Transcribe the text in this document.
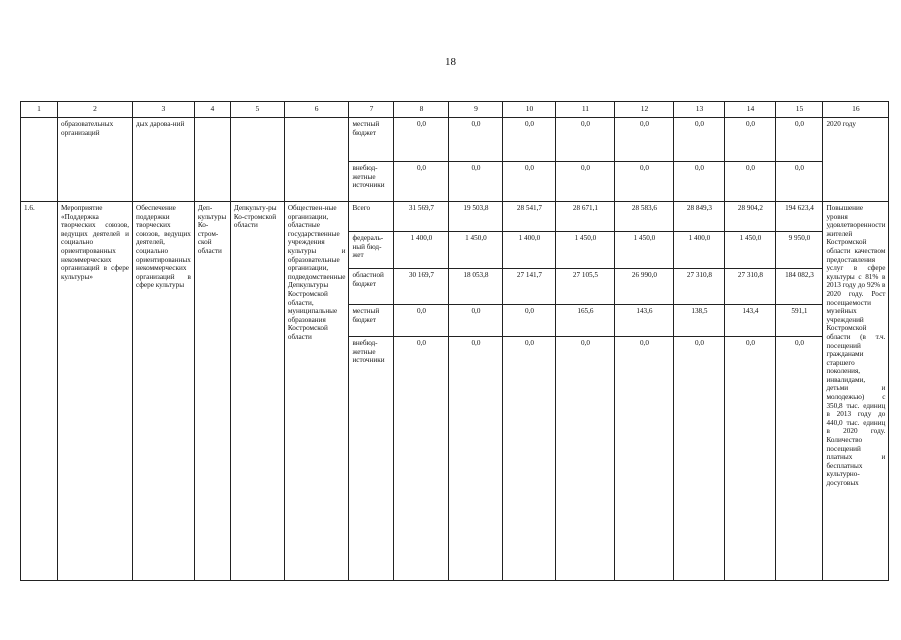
18
1	2	3	4	5	6	7	8	9	10	11	12	13	14	15	16
	образовательных организаций	дых дарова-ний				местный бюджет	0,0	0,0	0,0	0,0	0,0	0,0	0,0	0,0	2020 году
						внебюд-жетные источники	0,0	0,0	0,0	0,0	0,0	0,0	0,0	0,0	
1.6.	Мероприятие «Поддержка творческих союзов, ведущих деятелей и социально ориентированных некоммерческих организаций в сфере культуры»	Обеспечение поддержки творческих союзов, ведущих деятелей, социально ориентированных некоммерческих организаций в сфере культуры	Деп-культуры Ко-стром-ской области	Депкульту-ры Ко-стромской области	Обществен-ные организации, областные государственные учреждения культуры и образовательные организации, подведомственные Депкультуры Костромской области, муниципальные образования Костромской области	Всего	31 569,7	19 503,8	28 541,7	28 671,1	28 583,6	28 849,3	28 904,2	194 623,4	Повышение уровня удовлетворенности жителей Костромской области качеством предоставления услуг в сфере культуры с 81% в 2013 году до 92% в 2020 году. Рост посещаемости музейных учреждений Костромской области (в т.ч. посещений гражданами старшего поколения, инвалидами, детьми и молодежью) с 350,8 тыс. единиц в 2013 году до 440,0 тыс. единиц в 2020 году. Количество посещений платных и бесплатных культурно-досуговых
						федераль-ный бюд-жет	1 400,0	1 450,0	1 400,0	1 450,0	1 450,0	1 400,0	1 450,0	9 950,0	
						областной бюджет	30 169,7	18 053,8	27 141,7	27 105,5	26 990,0	27 310,8	27 310,8	184 082,3	
						местный бюджет	0,0	0,0	0,0	165,6	143,6	138,5	143,4	591,1	
						внебюд-жетные источники	0,0	0,0	0,0	0,0	0,0	0,0	0,0	0,0	
